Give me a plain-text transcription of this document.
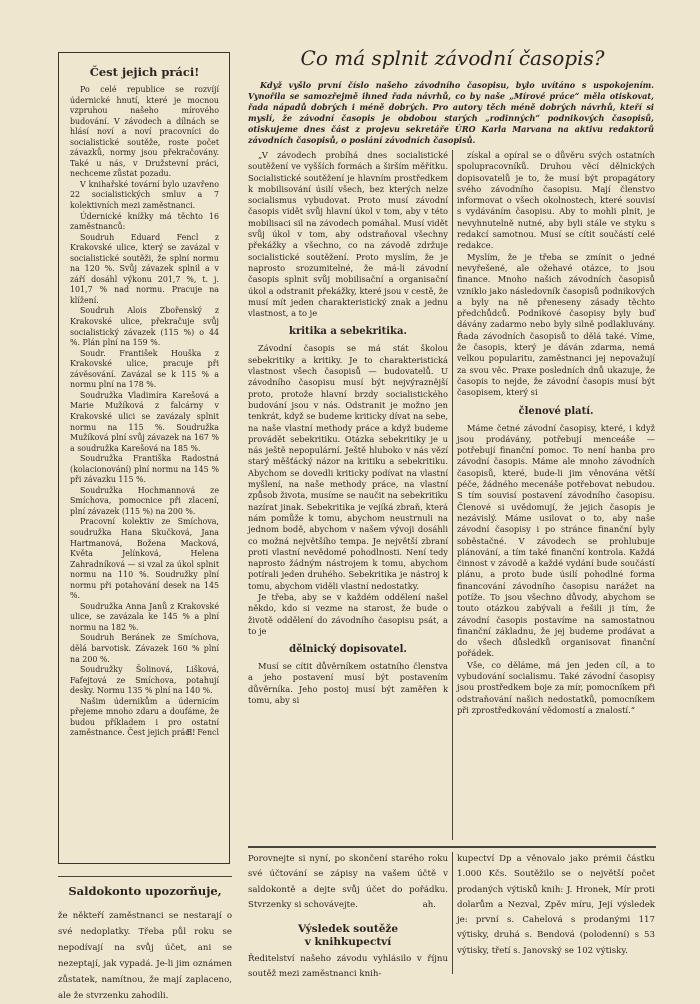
Čest jejich práci!

Po celé republice se rozvíjí údernické hnutí, které je mocnou vzpruhou našeho mírového budování. V závodech a dílnách se hlásí noví a noví pracovníci do socialistické soutěže, roste počet závazků, normy jsou překračovány. Také u nás, v Družstevní práci, nechceme zůstat pozadu.

V knihařské tovární bylo uzavřeno 22 socialistických smluv a 7 kolektivních mezi zaměstnanci.

Údernické knížky má těchto 16 zaměstnanců:

Soudruh Eduard Fencl z Krakovské ulice, který se zavázal v socialistické soutěži, že splní normu na 120 %. Svůj závazek splnil a v září dosáhl výkonu 201,7 %, t. j. 101,7 % nad normu. Pracuje na klížení.

Soudruh Alois Zbořenský z Krakovské ulice, překračuje svůj socialistický závazek (115 %) o 44 %. Plán plní na 159 %.

Soudr. František Houška z Krakovské ulice, pracuje při závěsování. Zavázal se k 115 % a normu plní na 178 %.

Soudružka Vladimíra Karešová a Marie Mužíková z falcárny v Krakovské ulici se zavázaly splnit normu na 115 %. Soudružka Mužíková plní svůj závazek na 167 % a soudružka Karešová na 185 %.

Soudružka Františka Radostná (kolacionování) plní normu na 145 % při závazku 115 %.

Soudružka Hochmannová ze Smíchova, pomocnice při zlacení, plní závazek (115 %) na 200 %.

Pracovní kolektiv ze Smíchova, soudružka Hana Skučková, Jana Hartmanová, Božena Macková, Květa Jelínková, Helena Zahradníková — si vzal za úkol splnit normu na 110 %. Soudružky plní normu při potahování desek na 145 %.

Soudružka Anna Janů z Krakovské ulice, se zavázala ke 145 % a plní normu na 182 %.

Soudruh Beránek ze Smíchova, dělá barvotisk. Závazek 160 % plní na 200 %.

Soudružky Šolinová, Lišková, Fafejtová ze Smíchova, potahují desky. Normu 135 % plní na 140 %.

Našim údernikům a údernicím přejeme mnoho zdaru a doufáme, že budou příkladem i pro ostatní zaměstnance. Čest jejich práci!

E. Fencl
Co má splnit závodní časopis?

Když vyšlo první číslo našeho závodního časopisu, bylo uvítáno s uspokojením. Vynořila se samozřejmě ihned řada návrhů, co by naše „Mírové práce“ měla otiskovat, řada nápadů dobrých i méně dobrých. Pro autory těch méně dobrých návrhů, kteří si myslí, že závodní časopis je obdobou starých „rodinných“ podnikových časopisů, otiskujeme dnes část z projevu sekretáře ÚRO Karla Marvana na aktivu redaktorů závodních časopisů, o poslání závodních časopisů.

„V závodech probíhá dnes socialistické soutěžení ve vyšších formách a širším měřítku. Socialistické soutěžení je hlavním prostředkem k mobilisování úsilí všech, bez kterých nelze socialismus vybudovat. Proto musí závodní časopis vidět svůj hlavní úkol v tom, aby v této mobilisaci sil na závodech pomáhal. Musí vidět svůj úkol v tom, aby odstraňoval všechny překážky a všechno, co na závodě zdržuje socialistické soutěžení. Proto myslím, že je naprosto srozumitelné, že má-li závodní časopis splnit svůj mobilisační a organisační úkol a odstranit překážky, které jsou v cestě, že musí mít jeden charakteristický znak a jednu vlastnost, a to je

kritika a sebekritika.

Závodní časopis se má stát školou sebekritiky a kritiky. Je to charakteristická vlastnost všech časopisů — budovatelů. U závodního časopisu musí být nejvýraznější proto, protože hlavní brzdy socialistického budování jsou v nás. Odstranit je možno jen tenkrát, když se budeme kriticky dívat na sebe, na naše vlastní methody práce a když budeme provádět sebekritiku. Otázka sebekritiky je u nás ještě nepopulární. Ještě hluboko v nás vězí starý měšťácký názor na kritiku a sebekritiku. Abychom se dovedli kriticky podívat na vlastní myšlení, na naše methody práce, na vlastní způsob života, musíme se naučit na sebekritiku nazírat jinak. Sebekritika je vejíká zbraň, která nám pomůže k tomu, abychom neustrnuli na jednom bodě, abychom v našem vývoji dosáhli co možná největšího tempa. Je největší zbraní proti vlastní nevědomé pohodlnosti. Není tedy naprosto žádným nástrojem k tomu, abychom potírali jeden druhého. Sebekritika je nástroj k tomu, abychom viděli vlastní nedostatky.

Je třeba, aby se v každém oddělení našel někdo, kdo si vezme na starost, že bude o životě oddělení do závodního časopisu psát, a to je

dělnický dopisovatel.

Musí se cítit důvěrníkem ostatního členstva a jeho postavení musí být postavením důvěrníka. Jeho postoj musí být zaměřen k tomu, aby si

získal a opíral se o důvěru svých ostatních spolupracovníků. Druhou věcí dělnických dopisovatelů je to, že musí být propagátory svého závodního časopisu. Mají členstvo informovat o všech okolnostech, které souvisí s vydáváním časopisu. Aby to mohli plnit, je nevyhnutelně nutné, aby byli stále ve styku s redakcí samotnou. Musí se cítit součástí celé redakce.

Myslím, že je třeba se zmínit o jedné nevyřešené, ale ožehavé otázce, to jsou finance. Mnoho našich závodních časopisů vzniklo jako následovník časopisů podnikových a byly na ně přeneseny zásady těchto předchůdců. Podnikové časopisy byly buď dávány zadarmo nebo byly silně podlakluvány. Řada závodních časopisů to dělá také. Víme, že časopis, který je dáván zdarma, nemá velkou popularitu, zaměstnanci jej nepovažují za svou věc. Praxe posledních dnů ukazuje, že časopis to nejde, že závodní časopis musí být časopisem, který si

členové platí.

Máme četné závodní časopisy, které, i když jsou prodávány, potřebují menceáše — potřebují finanční pomoc. To není hanba pro závodní časopis. Máme ale mnoho závodních časopisů, které, bude-li jim věnována větší péče, žádného mecenáše potřebovat nebudou. S tím souvisí postavení závodního časopisu. Členové si uvědomují, že jejich časopis je nezávislý. Máme usilovat o to, aby naše závodní časopisy i po stránce finanční byly soběstačné. V závodech se prohlubuje plánování, a tím také finanční kontrola. Každá činnost v závodě a každé vydání bude součástí plánu, a proto bude úsilí pohodlné forma financování závodního časopisu narážet na potíže. To jsou všechno důvody, abychom se touto otázkou zabývali a řešili ji tím, že závodní časopis postavíme na samostatnou finanční základnu, že jej budeme prodávat a do všech důsledků organisovat finanční pořádek.

Vše, co děláme, má jen jeden cíl, a to vybudování socialismu. Také závodní časopisy jsou prostředkem boje za mír, pomocníkem při odstraňování našich nedostatků, pomocníkem při zprostředkování vědomostí a znalostí.“

Saldokonto upozorňuje,
že někteří zaměstnanci se nestarají o své nedoplatky. Třeba půl roku se nepodívají na svůj účet, ani se nezeptají, jak vypadá. Je-li jim oznámen zůstatek, namítnou, že mají zaplaceno, ale že stvrzenku zahodili.
Porovnejte si nyní, po skončení starého roku své účtování se zápisy na vašem účtě v saldokontě a dejte svůj účet do pořádku. Stvrzenky si schovávejte.	ah.
Výsledek soutěže
v knihkupectví
Ředitelství našeho závodu vyhlásilo v říjnu soutěž mezi zaměstnanci knih-
kupectví Dp a věnovalo jako prémii částku 1.000 Kčs. Soutěžilo se o největší počet prodaných výtisků knih: J. Hronek, Mír proti dolarům a Nezval, Zpěv míru, Její výsledek je: první s. Cahelová s prodanými 117 výtisky, druhá s. Bendová (polodenní) s 53 výtisky, třetí s. Janovský se 102 výtisky.
